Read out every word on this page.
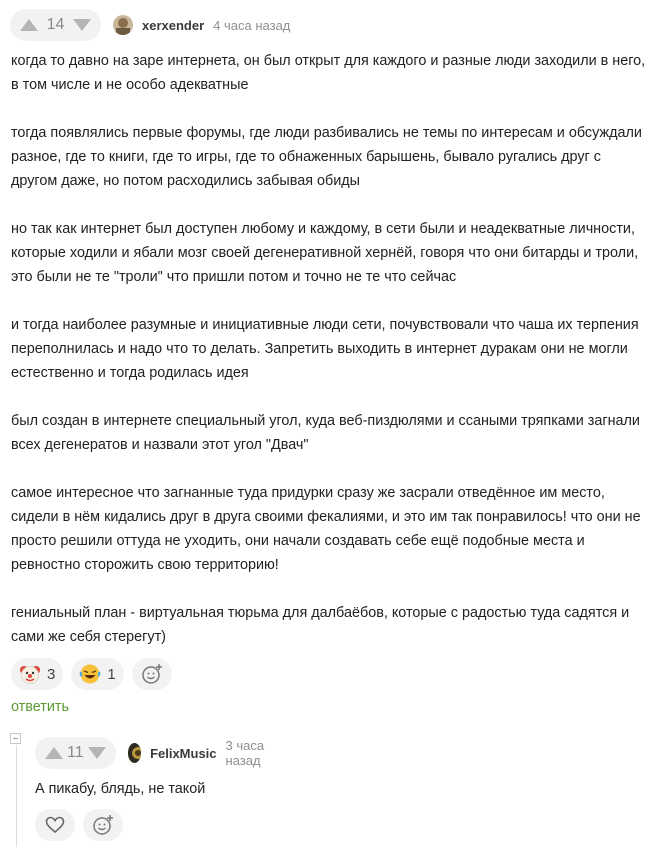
14	xerxender 4 часа назад

когда то давно на заре интернета, он был открыт для каждого и разные люди заходили в него, в том числе и не особо адекватные

тогда появлялись первые форумы, где люди разбивались не темы по интересам и обсуждали разное, где то книги, где то игры, где то обнаженных барышень, бывало ругались друг с другом даже, но потом расходились забывая обиды

но так как интернет был доступен любому и каждому, в сети были и неадекватные личности, которые ходили и ябали мозг своей дегенеративной хернёй, говоря что они битарды и троли, это были не те "троли" что пришли потом и точно не те что сейчас

и тогда наиболее разумные и инициативные люди сети, почувствовали что чаша их терпения переполнилась и надо что то делать. Запретить выходить в интернет дуракам они не могли естественно и тогда родилась идея

был создан в интернете специальный угол, куда веб-пиздюлями и ссаными тряпками загнали всех дегенератов и назвали этот угол "Двач"

самое интересное что загнанные туда придурки сразу же засрали отведённое им место, сидели в нём кидались друг в друга своими фекалиями, и это им так понравилось! что они не просто решили оттуда не уходить, они начали создавать себе ещё подобные места и ревностно сторожить свою территорию!

гениальный план - виртуальная тюрьма для далбаёбов, которые с радостью туда садятся и сами же себя стерегут)

3	1
ответить
11	FelixMusic 3 часа назад
А пикабу, блядь, не такой
